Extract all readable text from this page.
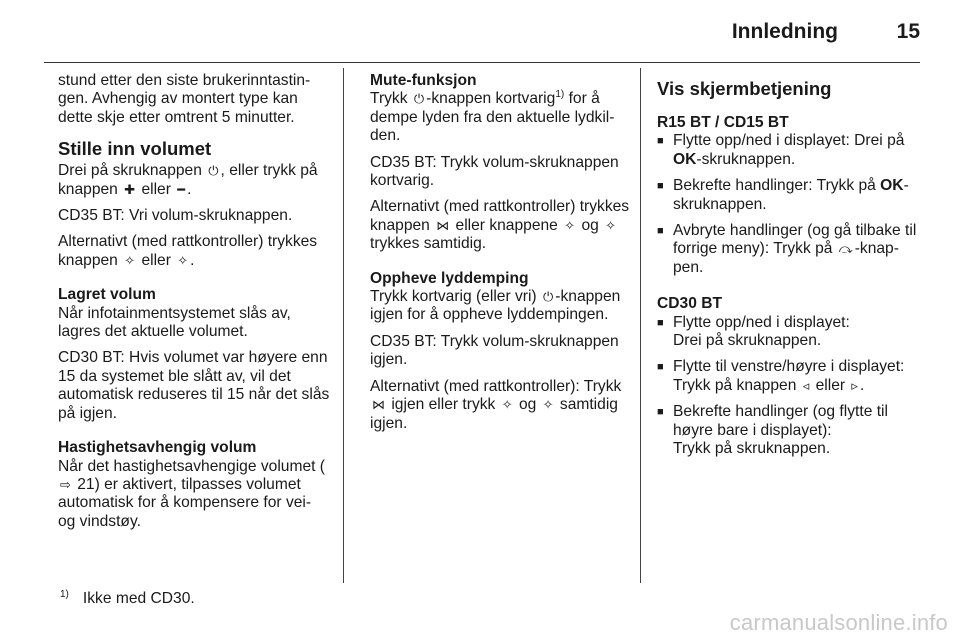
Innledning	15

stund etter den siste brukerinntastin-gen. Avhengig av montert type kan dette skje etter omtrent 5 minutter.

Stille inn volumet

Drei på skruknappen ⏻ , eller trykk på knappen ✚ eller ━ .

CD35 BT: Vri volum-skruknappen.

Alternativt (med rattkontroller) trykkes knappen ✧ eller ✧ .

Lagret volum

Når infotainmentsystemet slås av, lagres det aktuelle volumet.

CD30 BT: Hvis volumet var høyere enn 15 da systemet ble slått av, vil det automatisk reduseres til 15 når det slås på igjen.

Hastighetsavhengig volum

Når det hastighetsavhengige volumet (⇨ 21) er aktivert, tilpasses volumet automatisk for å kompensere for vei- og vindstøy.

Mute-funksjon

Trykk ⏻ -knappen kortvarig$^{1)}$ for å dempe lyden fra den aktuelle lydkil-den.

CD35 BT: Trykk volum-skruknappen kortvarig.

Alternativt (med rattkontroller) trykkes knappen ⋈ eller knappene ✧ og ✧ trykkes samtidig.

Oppheve lyddemping

Trykk kortvarig (eller vri) ⏻ -knappen igjen for å oppheve lyddempingen.

CD35 BT: Trykk volum-skruknappen igjen.

Alternativt (med rattkontroller): Trykk ⋈ igjen eller trykk ✧ og ✧ samtidig igjen.

Vis skjermbetjening
R15 BT / CD15 BT
■ Flytte opp/ned i displayet: Drei på OK-skruknappen.
■ Bekrefte handlinger: Trykk på OK-skruknappen.
■ Avbryte handlinger (og gå tilbake til forrige meny): Trykk på ⤼ -knap-pen.
CD30 BT
■ Flytte opp/ned i displayet:
Drei på skruknappen.
■ Flytte til venstre/høyre i displayet:
Trykk på knappen ◃ eller ▹ .
■ Bekrefte handlinger (og flytte til høyre bare i displayet):
Trykk på skruknappen.
$^{1)}$ Ikke med CD30.
carmanualsonline.info
